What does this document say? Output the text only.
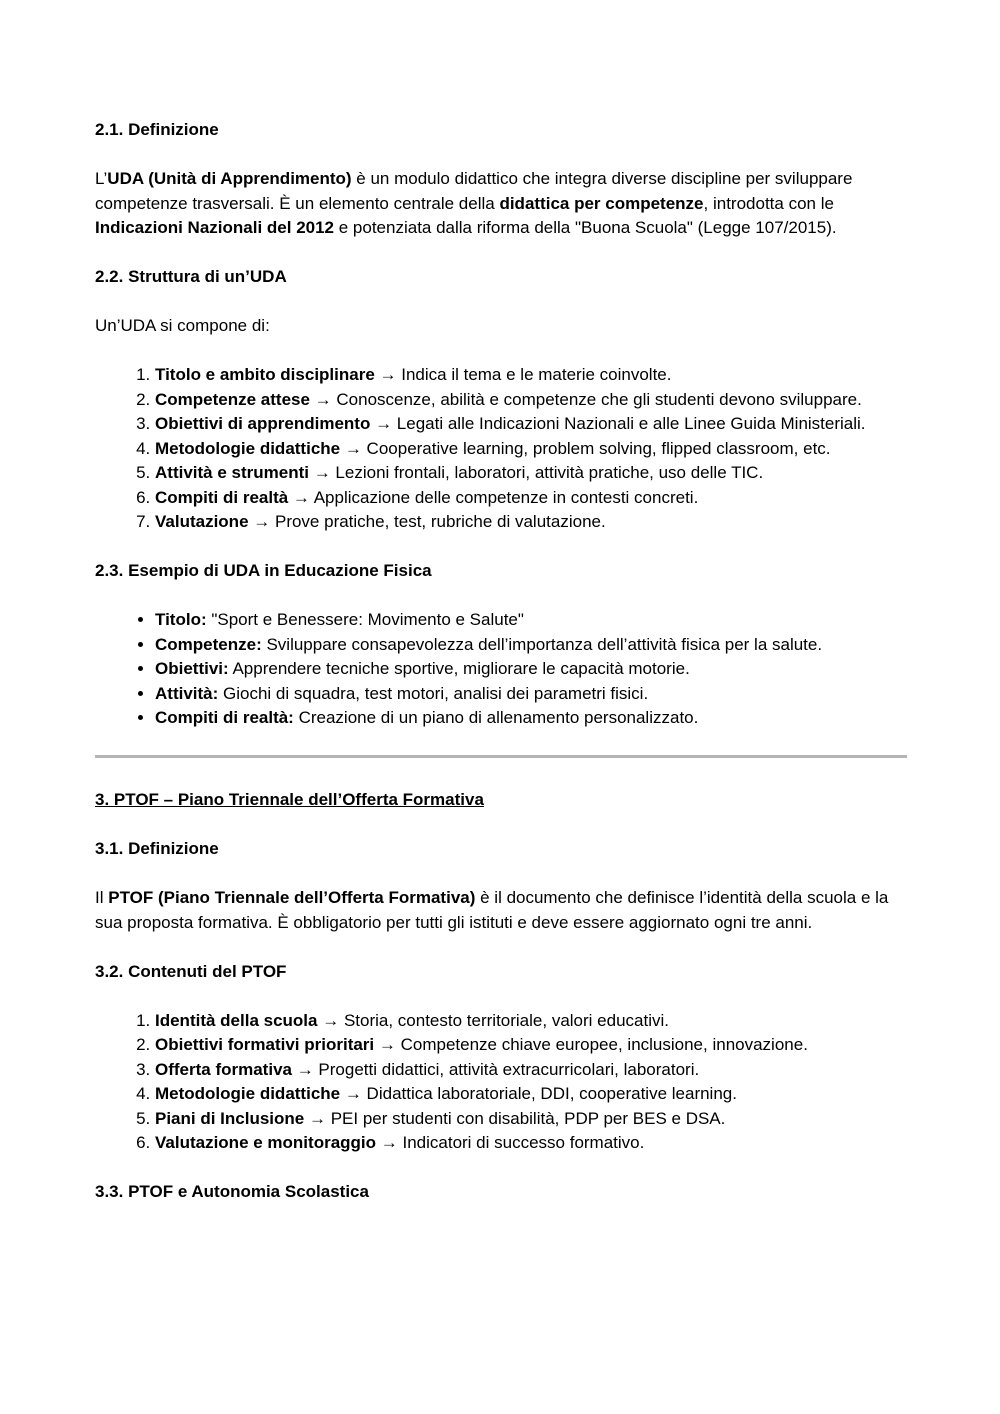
2.1. Definizione

L’UDA (Unità di Apprendimento) è un modulo didattico che integra diverse discipline per sviluppare competenze trasversali. È un elemento centrale della didattica per competenze, introdotta con le Indicazioni Nazionali del 2012 e potenziata dalla riforma della "Buona Scuola" (Legge 107/2015).

2.2. Struttura di un’UDA

Un’UDA si compone di:

1. Titolo e ambito disciplinare → Indica il tema e le materie coinvolte.
2. Competenze attese → Conoscenze, abilità e competenze che gli studenti devono sviluppare.
3. Obiettivi di apprendimento → Legati alle Indicazioni Nazionali e alle Linee Guida Ministeriali.
4. Metodologie didattiche → Cooperative learning, problem solving, flipped classroom, etc.
5. Attività e strumenti → Lezioni frontali, laboratori, attività pratiche, uso delle TIC.
6. Compiti di realtà → Applicazione delle competenze in contesti concreti.
7. Valutazione → Prove pratiche, test, rubriche di valutazione.
2.3. Esempio di UDA in Educazione Fisica
• Titolo: "Sport e Benessere: Movimento e Salute"
• Competenze: Sviluppare consapevolezza dell’importanza dell’attività fisica per la salute.
• Obiettivi: Apprendere tecniche sportive, migliorare le capacità motorie.
• Attività: Giochi di squadra, test motori, analisi dei parametri fisici.
• Compiti di realtà: Creazione di un piano di allenamento personalizzato.
3. PTOF – Piano Triennale dell’Offerta Formativa
3.1. Definizione

Il PTOF (Piano Triennale dell’Offerta Formativa) è il documento che definisce l’identità della scuola e la sua proposta formativa. È obbligatorio per tutti gli istituti e deve essere aggiornato ogni tre anni.

3.2. Contenuti del PTOF
1. Identità della scuola → Storia, contesto territoriale, valori educativi.
2. Obiettivi formativi prioritari → Competenze chiave europee, inclusione, innovazione.
3. Offerta formativa → Progetti didattici, attività extracurricolari, laboratori.
4. Metodologie didattiche → Didattica laboratoriale, DDI, cooperative learning.
5. Piani di Inclusione → PEI per studenti con disabilità, PDP per BES e DSA.
6. Valutazione e monitoraggio → Indicatori di successo formativo.
3.3. PTOF e Autonomia Scolastica
